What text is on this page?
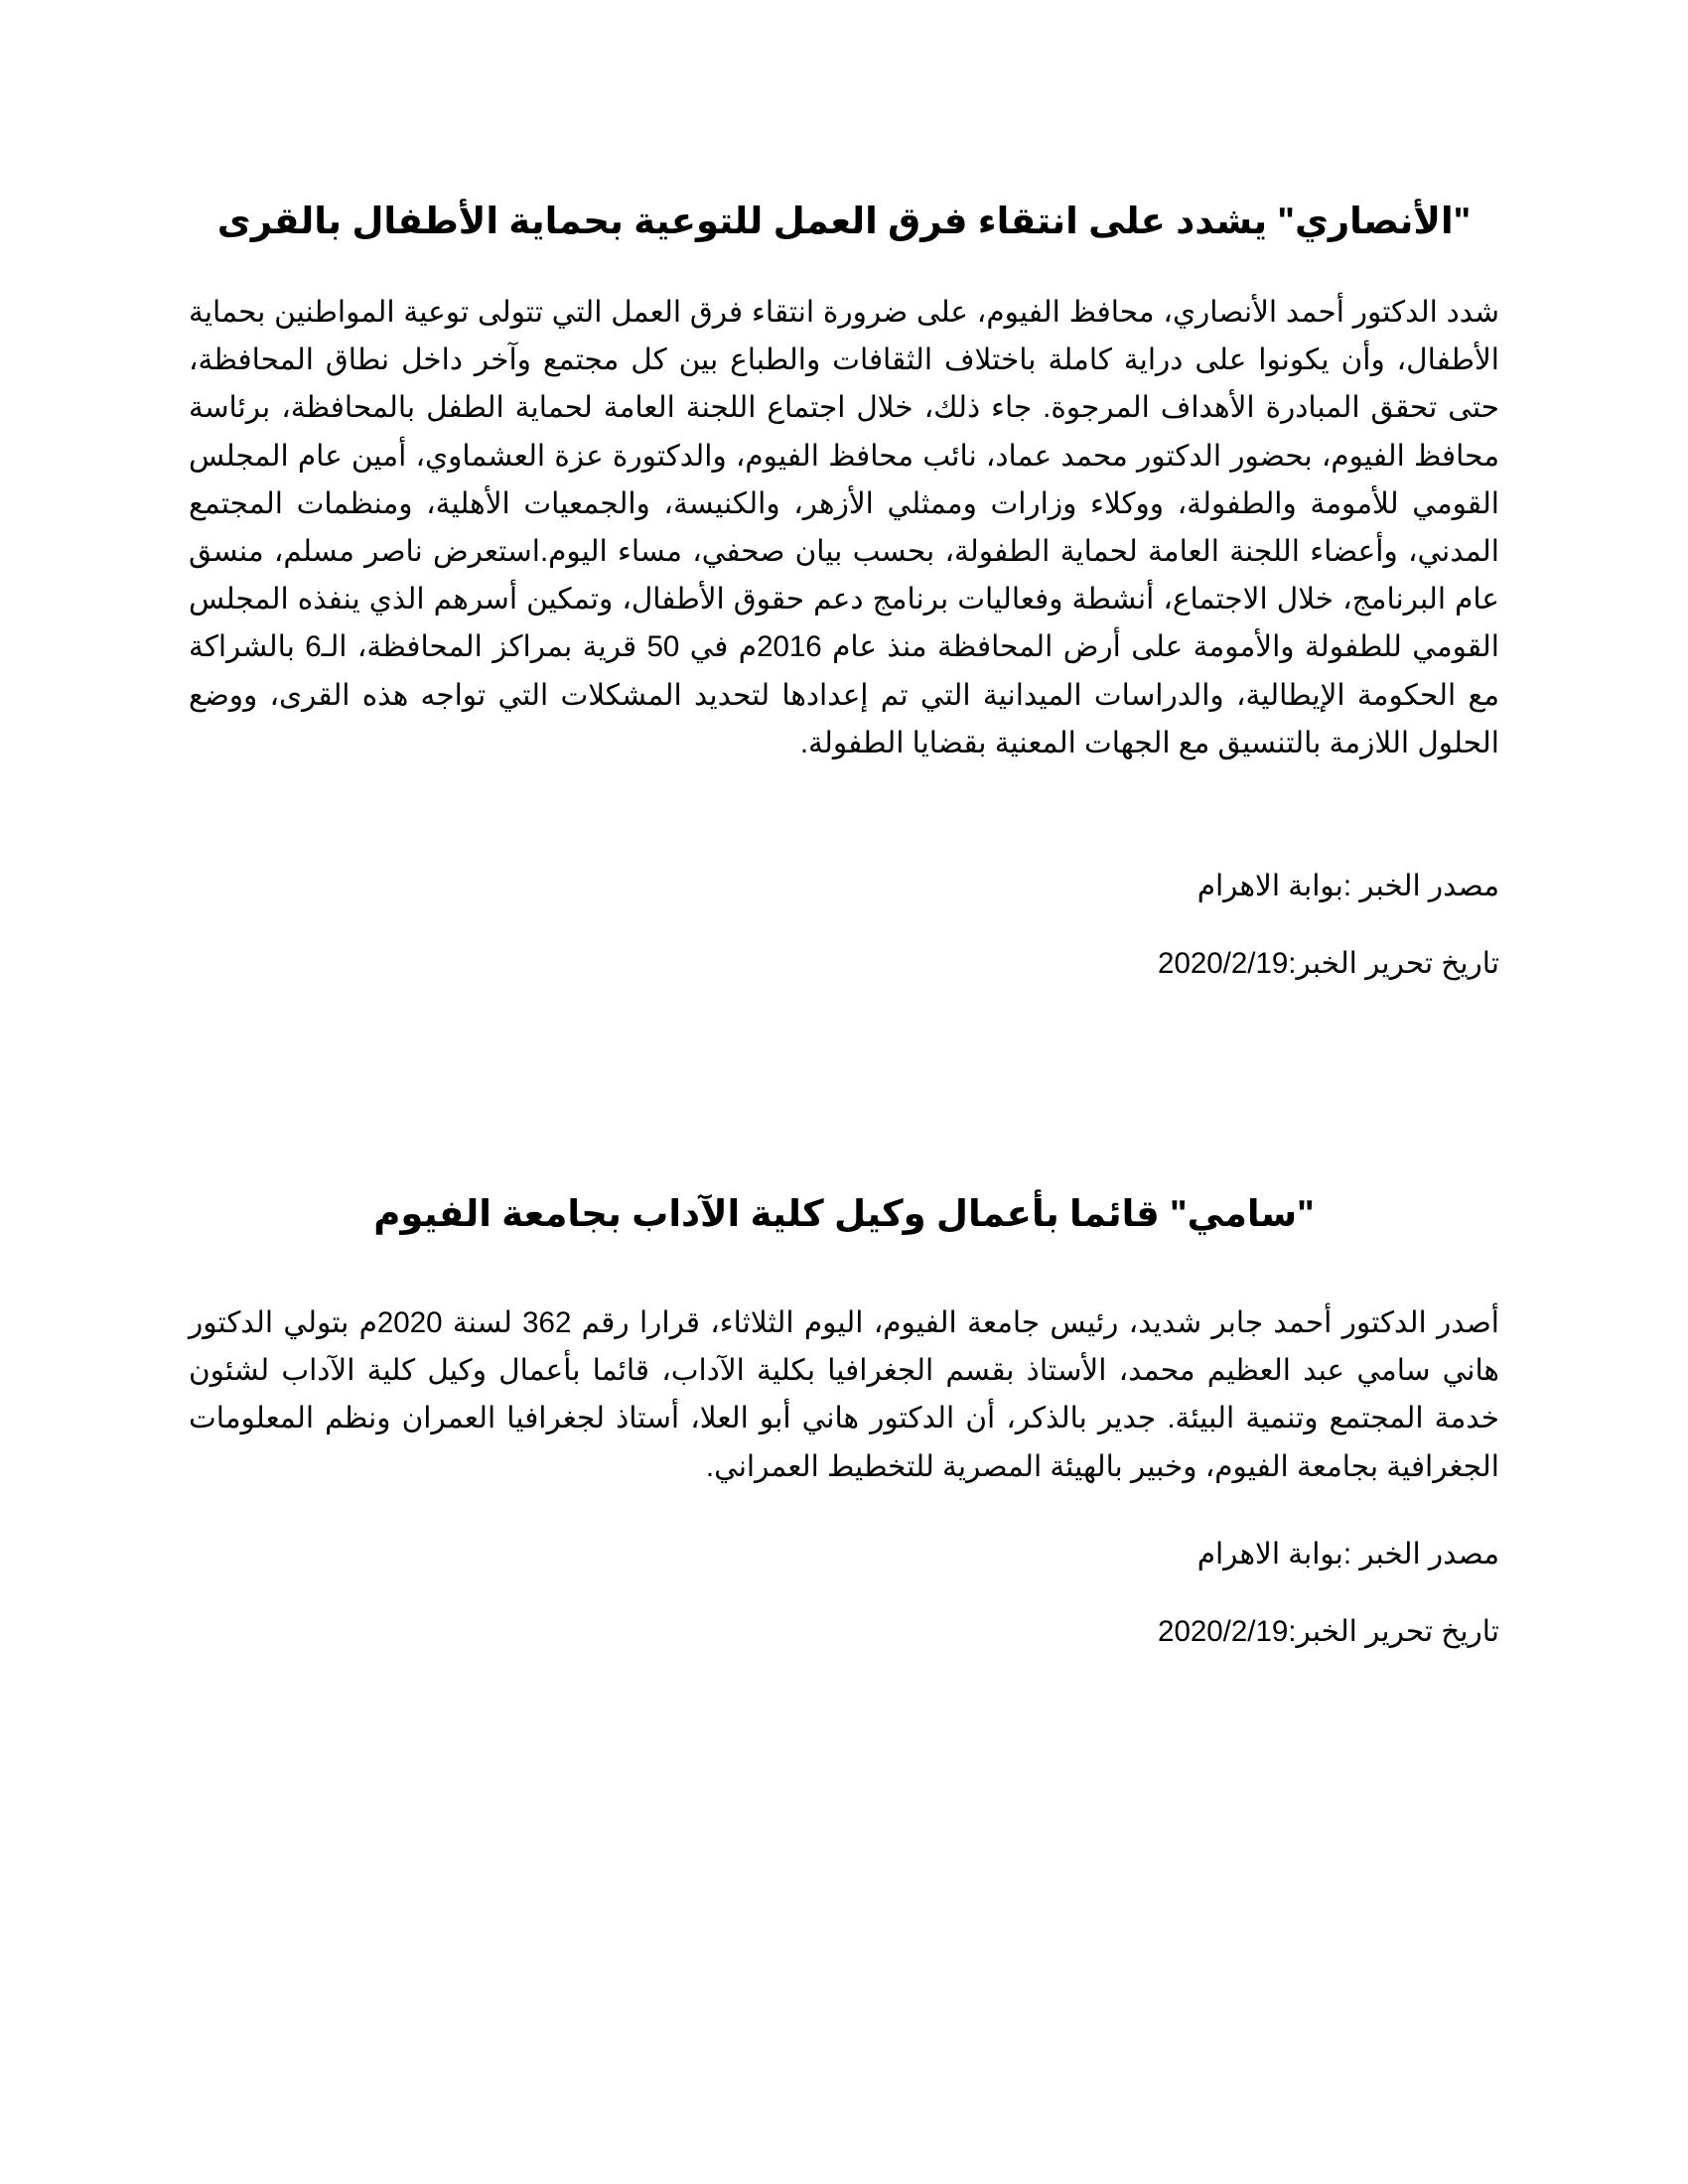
"الأنصاري" يشدد على انتقاء فرق العمل للتوعية بحماية الأطفال بالقرى

شدد الدكتور أحمد الأنصاري، محافظ الفيوم، على ضرورة انتقاء فرق العمل التي تتولى توعية المواطنين بحماية الأطفال، وأن يكونوا على دراية كاملة باختلاف الثقافات والطباع بين كل مجتمع وآخر داخل نطاق المحافظة، حتى تحقق المبادرة الأهداف المرجوة. جاء ذلك، خلال اجتماع اللجنة العامة لحماية الطفل بالمحافظة، برئاسة محافظ الفيوم، بحضور الدكتور محمد عماد، نائب محافظ الفيوم، والدكتورة عزة العشماوي، أمين عام المجلس القومي للأمومة والطفولة، ووكلاء وزارات وممثلي الأزهر، والكنيسة، والجمعيات الأهلية، ومنظمات المجتمع المدني، وأعضاء اللجنة العامة لحماية الطفولة، بحسب بيان صحفي، مساء اليوم.استعرض ناصر مسلم، منسق عام البرنامج، خلال الاجتماع، أنشطة وفعاليات برنامج دعم حقوق الأطفال، وتمكين أسرهم الذي ينفذه المجلس القومي للطفولة والأمومة على أرض المحافظة منذ عام 2016م في 50 قرية بمراكز المحافظة، الـ6 بالشراكة مع الحكومة الإيطالية، والدراسات الميدانية التي تم إعدادها لتحديد المشكلات التي تواجه هذه القرى، ووضع الحلول اللازمة بالتنسيق مع الجهات المعنية بقضايا الطفولة.

مصدر الخبر :بوابة الاهرام

تاريخ تحرير الخبر:2020/2/19

"سامي" قائما بأعمال وكيل كلية الآداب بجامعة الفيوم

أصدر الدكتور أحمد جابر شديد، رئيس جامعة الفيوم، اليوم الثلاثاء، قرارا رقم 362 لسنة 2020م بتولي الدكتور هاني سامي عبد العظيم محمد، الأستاذ بقسم الجغرافيا بكلية الآداب، قائما بأعمال وكيل كلية الآداب لشئون خدمة المجتمع وتنمية البيئة. جدير بالذكر، أن الدكتور هاني أبو العلا، أستاذ لجغرافيا العمران ونظم المعلومات الجغرافية بجامعة الفيوم، وخبير بالهيئة المصرية للتخطيط العمراني.

مصدر الخبر :بوابة الاهرام

تاريخ تحرير الخبر:2020/2/19
